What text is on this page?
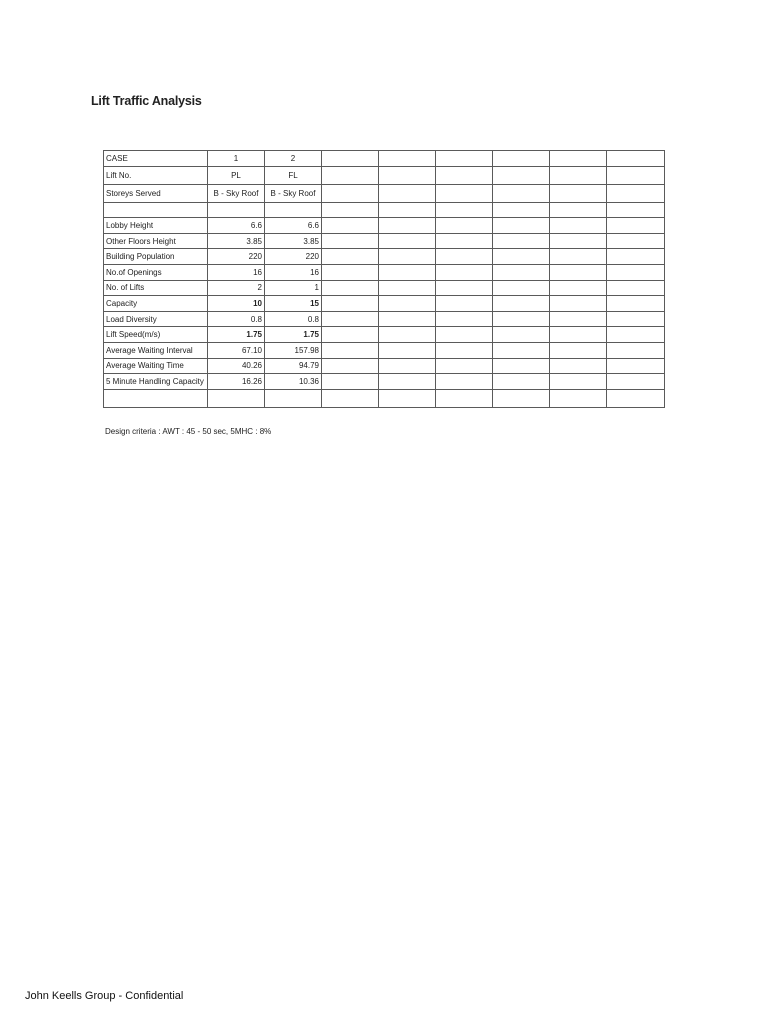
Lift Traffic Analysis
CASE	1	2						
Lift No.	PL	FL						
Storeys Served	B - Sky Roof	B - Sky Roof						

Lobby Height	6.6	6.6						
Other Floors Height	3.85	3.85						
Building Population	220	220						
No.of Openings	16	16						
No. of Lifts	2	1						
Capacity	10	15						
Load Diversity	0.8	0.8						
Lift Speed(m/s)	1.75	1.75						
Average Waiting Interval	67.10	157.98						
Average Waiting Time	40.26	94.79						
5 Minute Handling Capacity	16.26	10.36						

Design criteria : AWT : 45 - 50 sec, 5MHC : 8%
John Keells Group - Confidential
